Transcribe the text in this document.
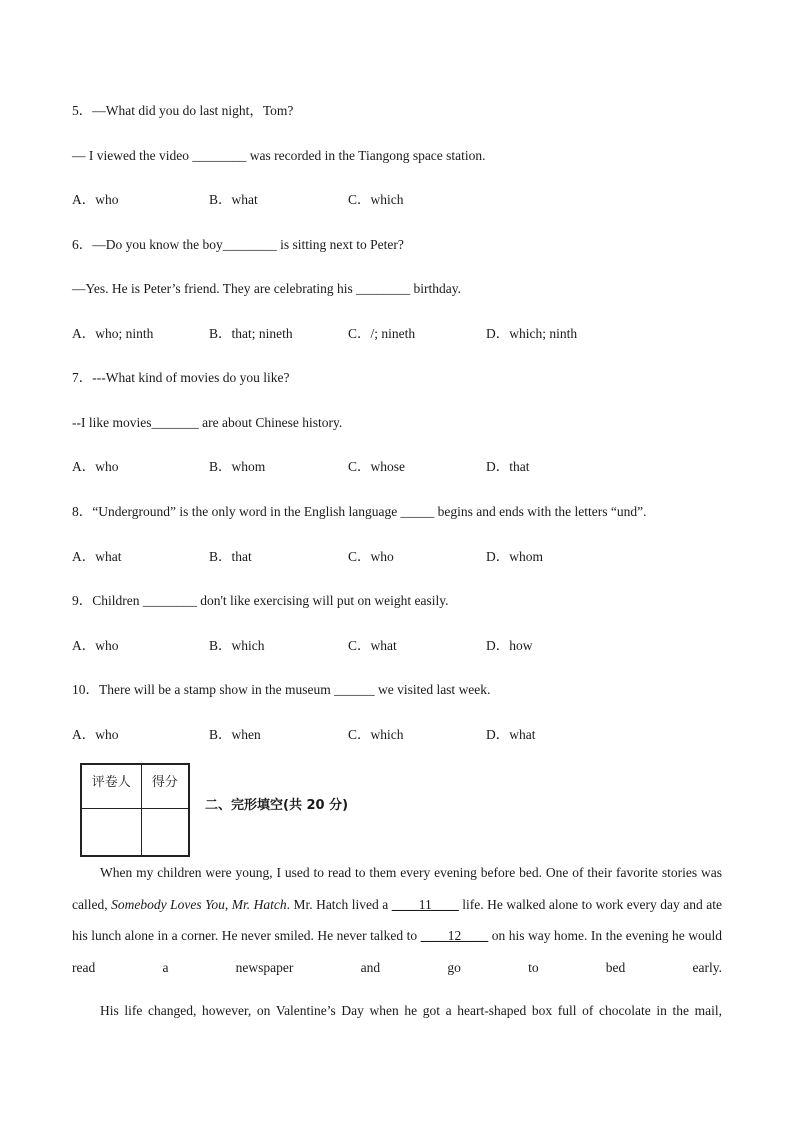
5．—What did you do last night，Tom?
— I viewed the video ________ was recorded in the Tiangong space station.
A．who	B．what	C．which
6．—Do you know the boy________ is sitting next to Peter?
—Yes. He is Peter’s friend. They are celebrating his ________ birthday.
A．who; ninth	B．that; nineth	C．/; nineth	D．which; ninth
7．---What kind of movies do you like?
--I like movies_______ are about Chinese history.
A．who	B．whom	C．whose	D．that
8．“Underground” is the only word in the English language _____ begins and ends with the letters “und”.
A．what	B．that	C．who	D．whom
9．Children ________ don't like exercising will put on weight easily.
A．who	B．which	C．what	D．how
10．There will be a stamp show in the museum ______ we visited last week.
A．who	B．when	C．which	D．what
评卷人	得分

二、完形填空(共 20 分)
When my children were young, I used to read to them every evening before bed. One of their favorite stories was called, Somebody Loves You, Mr. Hatch. Mr. Hatch lived a ____11____ life. He walked alone to work every day and ate his lunch alone in a corner. He never smiled. He never talked to ____12____ on his way home. In the evening he would read a newspaper and go to bed early.
His life changed, however, on Valentine’s Day when he got a heart-shaped box full of chocolate in the mail,
